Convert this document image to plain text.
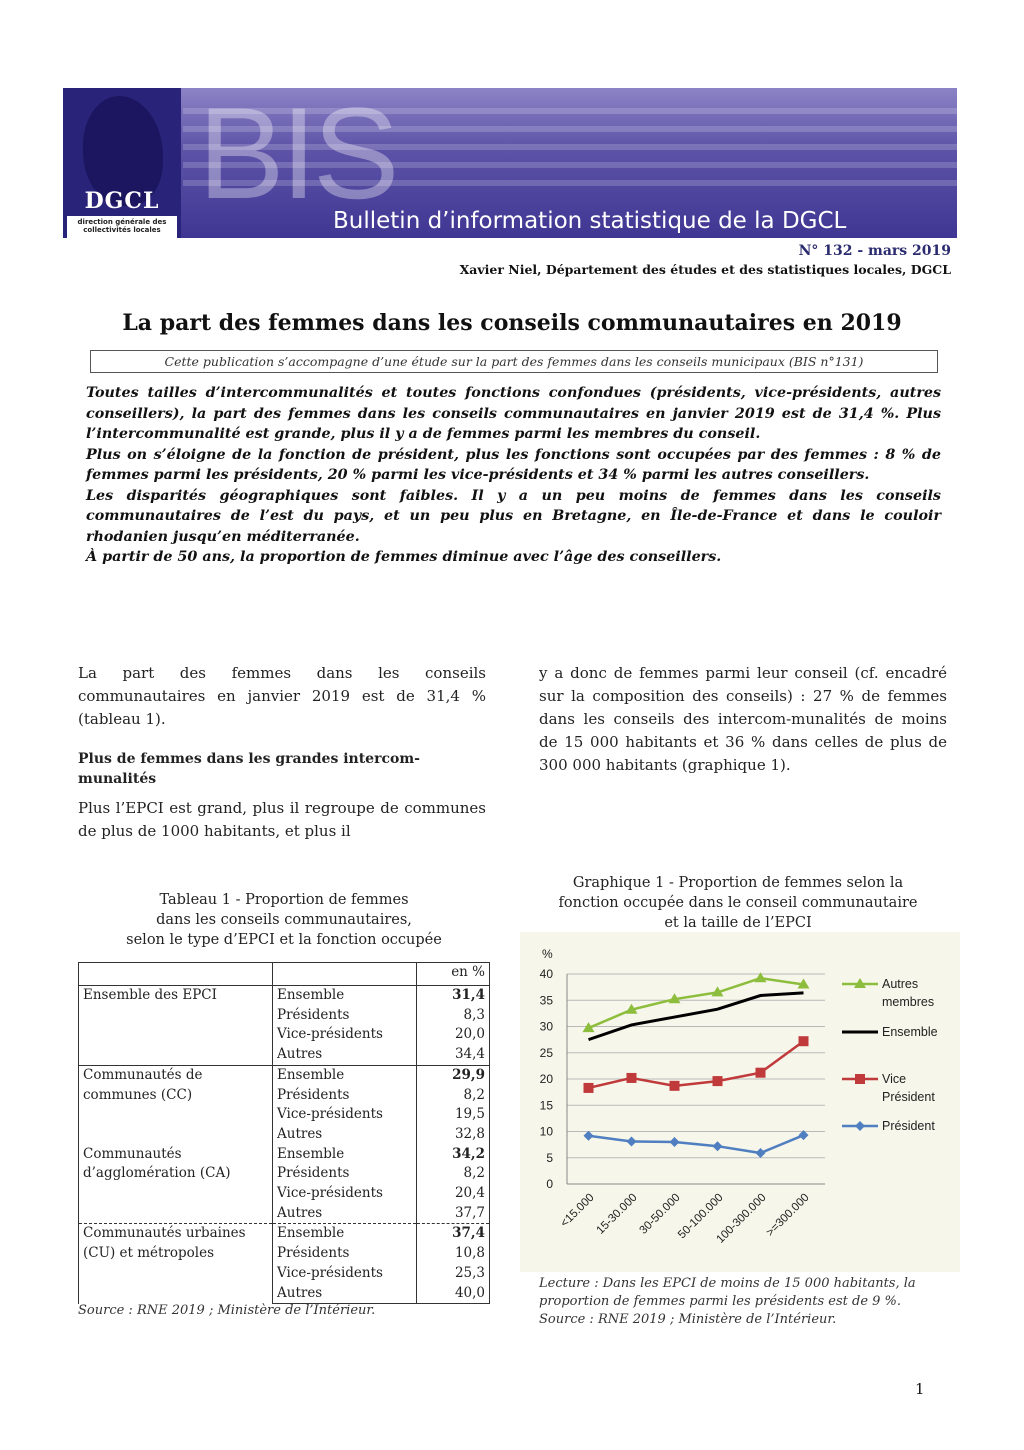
BIS
DGCL
direction générale des collectivités locales	Bulletin d’information statistique de la DGCL
N° 132 - mars 2019
Xavier Niel, Département des études et des statistiques locales, DGCL
La part des femmes dans les conseils communautaires en 2019
Cette publication s’accompagne d’une étude sur la part des femmes dans les conseils municipaux (BIS n°131)

Toutes tailles d’intercommunalités et toutes fonctions confondues (présidents, vice-présidents, autres conseillers), la part des femmes dans les conseils communautaires en janvier 2019 est de 31,4 %. Plus l’intercommunalité est grande, plus il y a de femmes parmi les membres du conseil.

Plus on s’éloigne de la fonction de président, plus les fonctions sont occupées par des femmes : 8 % de femmes parmi les présidents, 20 % parmi les vice-présidents et 34 % parmi les autres conseillers.

Les disparités géographiques sont faibles. Il y a un peu moins de femmes dans les conseils communautaires de l’est du pays, et un peu plus en Bretagne, en Île-de-France et dans le couloir rhodanien jusqu’en méditerranée.

À partir de 50 ans, la proportion de femmes diminue avec l’âge des conseillers.

La part des femmes dans les conseils communautaires en janvier 2019 est de 31,4 % (tableau 1).

Plus de femmes dans les grandes intercom-munalités

Plus l’EPCI est grand, plus il regroupe de communes de plus de 1000 habitants, et plus il

y a donc de femmes parmi leur conseil (cf. encadré sur la composition des conseils) : 27 % de femmes dans les conseils des intercom-munalités de moins de 15 000 habitants et 36 % dans celles de plus de 300 000 habitants (graphique 1).

Tableau 1 - Proportion de femmes
dans les conseils communautaires,
selon le type d’EPCI et la fonction occupée
		en %
Ensemble des EPCI	Ensemble	31,4
	Présidents	8,3
	Vice-présidents	20,0
	Autres	34,4
Communautés de communes (CC)	Ensemble	29,9
	Présidents	8,2
	Vice-présidents	19,5
	Autres	32,8
Communautés d’agglomération (CA)	Ensemble	34,2
	Présidents	8,2
	Vice-présidents	20,4
	Autres	37,7
Communautés urbaines (CU) et métropoles	Ensemble	37,4
	Présidents	10,8
	Vice-présidents	25,3
	Autres	40,0
Source : RNE 2019 ; Ministère de l’Intérieur.
Graphique 1 - Proportion de femmes selon la
fonction occupée dans le conseil communautaire
et la taille de l’EPCI
%
0
5
10
15
20
25
30
35
40
<15.000
15-30.000
30-50.000
50-100.000
100-300.000
>=300.000
Autres membres
Ensemble
Vice Président
Président
Lecture : Dans les EPCI de moins de 15 000 habitants, la proportion de femmes parmi les présidents est de 9 %.
Source : RNE 2019 ; Ministère de l’Intérieur.
1
